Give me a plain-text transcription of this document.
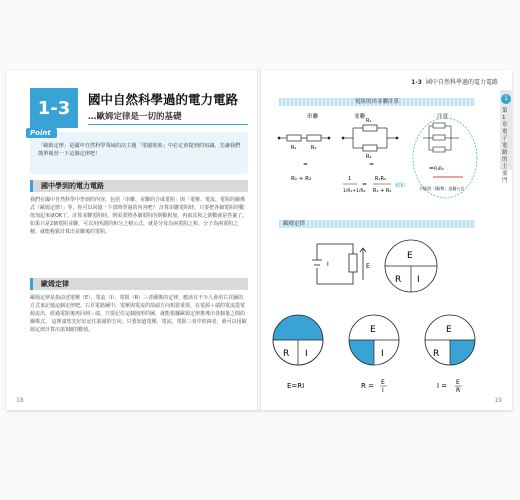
1-3	國中自然科學過的電力電路
…歐姆定律是一切的基礎
Point
「歐姆定律」是國中自然科學領域的次主題「電磁現象」中必定會提到的知識。先讓我們簡單複習一下這個定律吧！
國中學到的電力電路
我們在國中自然科學中學到的內容，包括「串聯、並聯的合成電阻」與「電壓、電流、電阻的關係式（歐姆定律）」等，你可以回憶一下當時學過的內容吧？ 計算串聯電阻時，只要把各個電阻的數值加起來就OK了。計算並聯電阻時，則需要將各個電阻的倒數相加，再取其和之倒數就是答案了。如果只是2個電阻並聯，可以用所謂的和分之積公式，就是分母為兩電阻之和，分子為兩電阻之積，就能輕鬆計算出並聯後的電阻。
歐姆定律
歐姆定律是指前述電壓（E）、電流（I）、電阻（R）三者關係的定律，應該有不少人會用右頁圖的方式來記憶這個定律吧。右頁電路圖中，電壓與電流的箭頭方向相當重要，在電源＋端的電流從電源流出，經過電阻後再回到－端。只要記住這個圓形的圖，就能根據歐姆定律推導出各個量之間的關係式。 這裡請您先好好記住箭頭的方向，只要知道電壓、電流、電阻三者中的兩者，就可以用歐姆定律計算出第3個的數值。
18
1-3 國中自然科學過的電力電路
1
第1章 電子電路的主要門
電阻的串並聯計算
串聯	並聯	注意
R₁	R₂
=
R₁ + R₂
R₁
R₂
=
1
1/R₁+1/R₂
=
R₁R₂
R₁ + R₂
積和
= R₁R₂
不能用「積/和」這個公式
歐姆定律
I	E
E
R I
R I
E
I
E
R
E=RI	R = E
I
I = E
R
19
